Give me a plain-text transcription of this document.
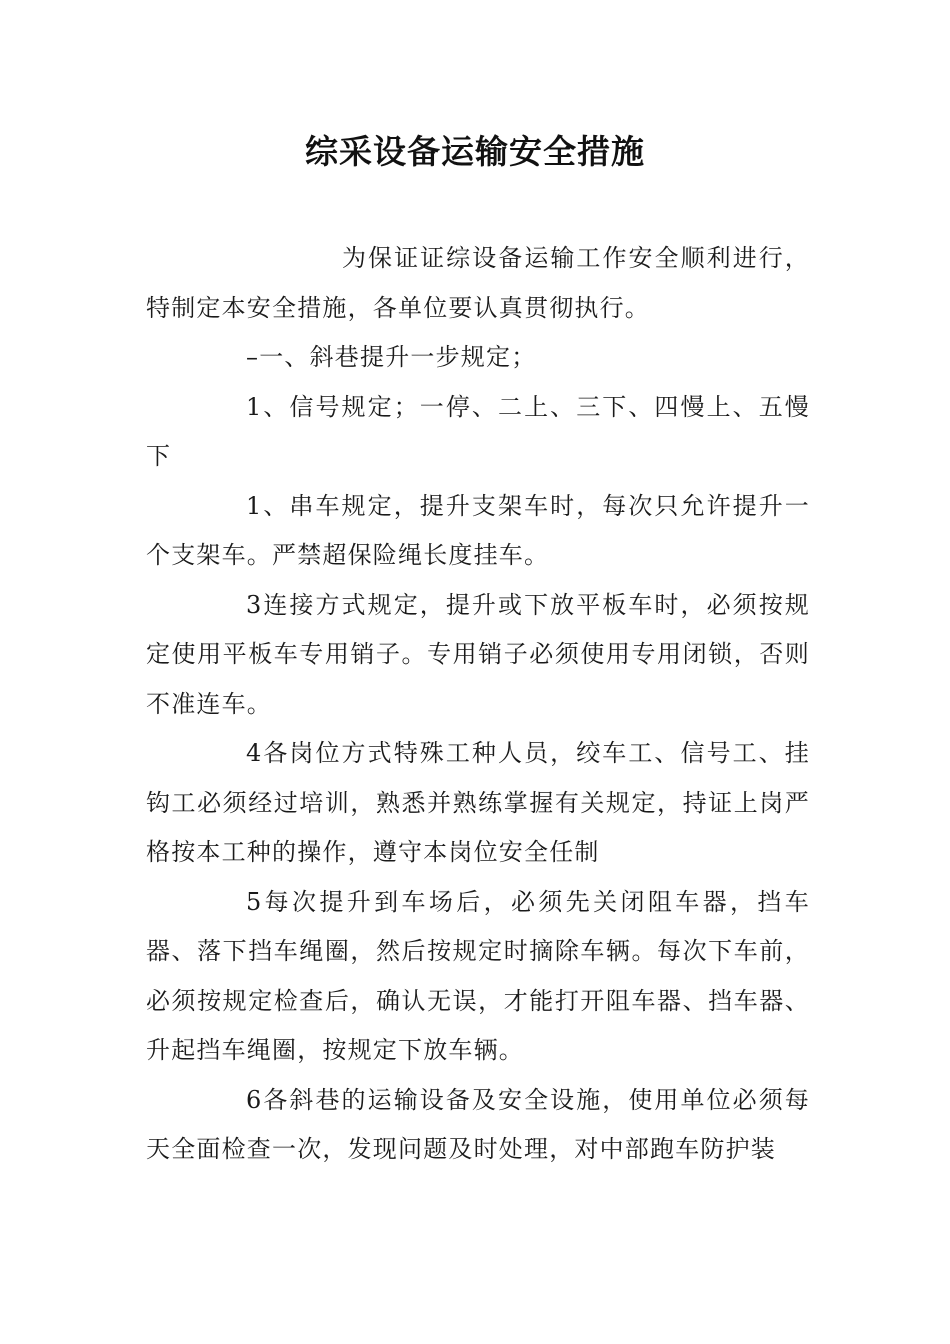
综采设备运输安全措施

为保证证综设备运输工作安全顺利进行，特制定本安全措施，各单位要认真贯彻执行。

–一、斜巷提升一步规定；

1、信号规定；一停、二上、三下、四慢上、五慢下

1、串车规定，提升支架车时，每次只允许提升一个支架车。严禁超保险绳长度挂车。

3连接方式规定，提升或下放平板车时，必须按规定使用平板车专用销子。专用销子必须使用专用闭锁，否则不准连车。

4各岗位方式特殊工种人员，绞车工、信号工、挂钩工必须经过培训，熟悉并熟练掌握有关规定，持证上岗严格按本工种的操作，遵守本岗位安全任制

5每次提升到车场后，必须先关闭阻车器，挡车器、落下挡车绳圈，然后按规定时摘除车辆。每次下车前，必须按规定检查后，确认无误，才能打开阻车器、挡车器、升起挡车绳圈，按规定下放车辆。

6各斜巷的运输设备及安全设施，使用单位必须每天全面检查一次，发现问题及时处理，对中部跑车防护装
